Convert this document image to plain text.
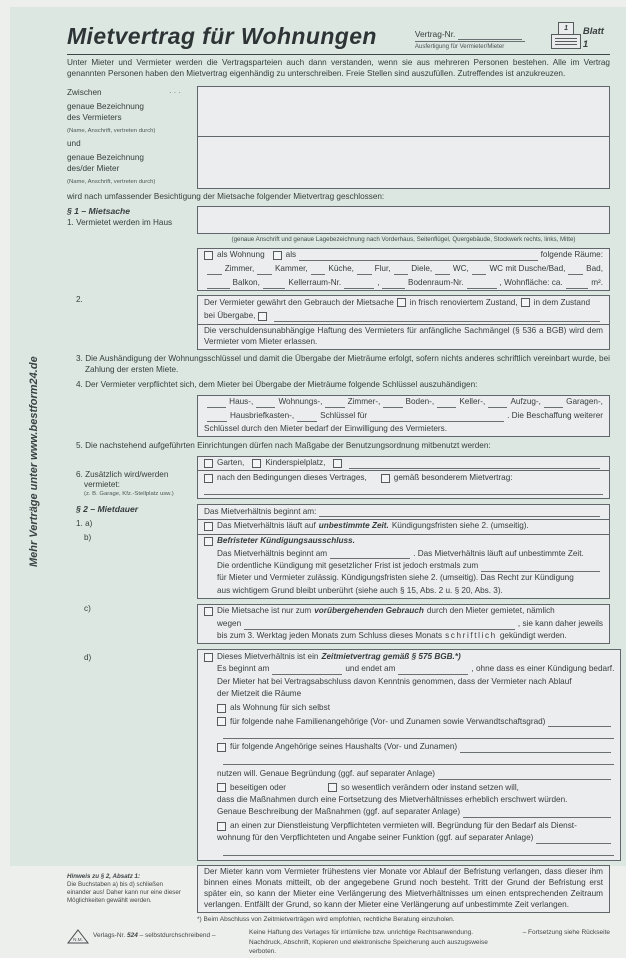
Mehr Verträge unter www.bestform24.de
Mietvertrag für Wohnungen	Vertrag-Nr.
Ausfertigung für Vermieter/Mieter
1	Blatt 1

Unter Mieter und Vermieter werden die Vertragsparteien auch dann verstanden, wenn sie aus mehreren Personen bestehen. Alle im Vertrag genannten Personen haben den Mietvertrag eigenhändig zu unterschreiben. Freie Stellen sind auszufüllen. Zutreffendes ist anzukreuzen.

Zwischen	···
genaue Bezeichnung
des Vermieters
(Name, Anschrift, vertreten durch)
und
genaue Bezeichnung
des/der Mieter
(Name, Anschrift, vertreten durch)

wird nach umfassender Besichtigung der Mietsache folgender Mietvertrag geschlossen:

§ 1 – Mietsache
1. Vermietet werden im Haus
(genaue Anschrift und genaue Lagebezeichnung nach Vorderhaus, Seitenflügel, Quergebäude, Stockwerk rechts, links, Mitte)
als Wohnung	als	folgende Räume:
Zimmer,	Kammer,	Küche,	Flur,	Diele,	WC,	WC mit Dusche/Bad,	Bad,
Balkon,	Kellerraum-Nr.	,	Bodenraum-Nr.	, Wohnfläche: ca.	m².
2.	Der Vermieter gewährt den Gebrauch der Mietsache in frisch renoviertem Zustand, in dem Zustand
bei Übergabe,
Die verschuldensunabhängige Haftung des Vermieters für anfängliche Sachmängel (§ 536 a BGB) wird dem Vermieter vom Mieter erlassen.

3. Die Aushändigung der Wohnungsschlüssel und damit die Übergabe der Mieträume erfolgt, sofern nichts anderes schriftlich vereinbart wurde, bei Zahlung der ersten Miete.

4. Der Vermieter verpflichtet sich, dem Mieter bei Übergabe der Mieträume folgende Schlüssel auszuhändigen:

Haus-,	Wohnungs-,	Zimmer-,	Boden-,	Keller-,	Aufzug-,	Garagen-,
Hausbriefkasten-,	Schlüssel für	. Die Beschaffung weiterer
Schlüssel durch den Mieter bedarf der Einwilligung des Vermieters.

5. Die nachstehend aufgeführten Einrichtungen dürfen nach Maßgabe der Benutzungsordnung mitbenutzt werden:

6. Zusätzlich wird/werden
vermietet:
(z. B. Garage, Kfz.-Stellplatz usw.)
Garten,	Kinderspielplatz,
nach den Bedingungen dieses Vertrages,	gemäß besonderem Mietvertrag:
§ 2 – Mietdauer
1. a)
b)
Das Mietverhältnis beginnt am:
Das Mietverhältnis läuft auf unbestimmte Zeit. Kündigungsfristen siehe 2. (umseitig).
Befristeter Kündigungsausschluss.
Das Mietverhältnis beginnt am	. Das Mietverhältnis läuft auf unbestimmte Zeit.
Die ordentliche Kündigung mit gesetzlicher Frist ist jedoch erstmals zum
für Mieter und Vermieter zulässig. Kündigungsfristen siehe 2. (umseitig). Das Recht zur Kündigung
aus wichtigem Grund bleibt unberührt (siehe auch § 15, Abs. 2 u. § 20, Abs. 3).
c)	Die Mietsache ist nur zum vorübergehenden Gebrauch durch den Mieter gemietet, nämlich
wegen	, sie kann daher jeweils
bis zum 3. Werktag jeden Monats zum Schluss dieses Monats schriftlich gekündigt werden.
d)	Dieses Mietverhältnis ist ein Zeitmietvertrag gemäß § 575 BGB.*)
Es beginnt am	und endet am	, ohne dass es einer Kündigung bedarf.
Der Mieter hat bei Vertragsabschluss davon Kenntnis genommen, dass der Vermieter nach Ablauf
der Mietzeit die Räume
als Wohnung für sich selbst
für folgende nahe Familienangehörige (Vor- und Zunamen sowie Verwandtschaftsgrad)
für folgende Angehörige seines Haushalts (Vor- und Zunamen)
nutzen will. Genaue Begründung (ggf. auf separater Anlage)
beseitigen oder	so wesentlich verändern oder instand setzen will,
dass die Maßnahmen durch eine Fortsetzung des Mietverhältnisses erheblich erschwert würden.
Genaue Beschreibung der Maßnahmen (ggf. auf separater Anlage)
an einen zur Dienstleistung Verpflichteten vermieten will. Begründung für den Bedarf als Dienst-
wohnung für den Verpflichteten und Angabe seiner Funktion (ggf. auf separater Anlage)
Hinweis zu § 2, Absatz 1:
Die Buchstaben a) bis d) schließen einander aus! Daher kann nur eine dieser Möglichkeiten gewählt werden.
Der Mieter kann vom Vermieter frühestens vier Monate vor Ablauf der Befristung verlangen, dass dieser ihm binnen eines Monats mitteilt, ob der angegebene Grund noch besteht. Tritt der Grund der Befristung erst später ein, so kann der Mieter eine Verlängerung des Mietverhältnisses um einen entsprechenden Zeitraum verlangen. Entfällt der Grund, so kann der Mieter eine Verlängerung auf unbestimmte Zeit verlangen.
*) Beim Abschluss von Zeitmietverträgen wird empfohlen, rechtliche Beratung einzuholen.
N.M.
Verlags-Nr.
524
– selbstdurchschreibend –	Keine Haftung des Verlages für irrtümliche bzw. unrichtige Rechtsanwendung.
Nachdruck, Abschrift, Kopieren und elektronische Speicherung auch auszugsweise verboten.
– Fortsetzung siehe Rückseite
